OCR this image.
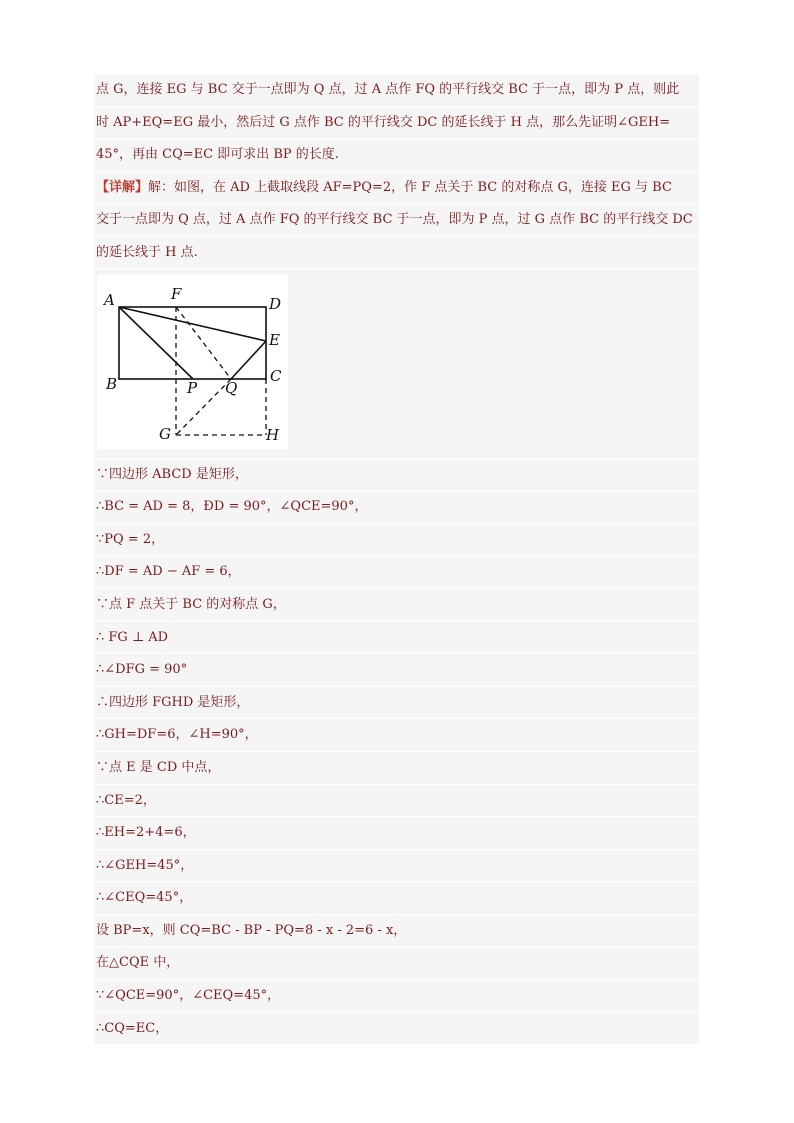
点 G，连接 EG 与 BC 交于一点即为 Q 点，过 A 点作 FQ 的平行线交 BC 于一点，即为 P 点，则此
时 AP+EQ=EG 最小，然后过 G 点作 BC 的平行线交 DC 的延长线于 H 点，那么先证明∠GEH=
45°，再由 CQ=EC 即可求出 BP 的长度.
【详解】解：如图，在 AD 上截取线段 AF=PQ=2，作 F 点关于 BC 的对称点 G，连接 EG 与 BC
交于一点即为 Q 点，过 A 点作 FQ 的平行线交 BC 于一点，即为 P 点，过 G 点作 BC 的平行线交 DC
的延长线于 H 点.
A	F
D
E
B	P Q
C
G	H
∵四边形 ABCD 是矩形，
∴BC = AD = 8，ÐD = 90°，∠QCE=90°，
∵PQ = 2，
∴DF = AD − AF = 6，
∵点 F 点关于 BC 的对称点 G，
∴ FG ⊥ AD
∴∠DFG = 90°
∴四边形 FGHD 是矩形，
∴GH=DF=6，∠H=90°，
∵点 E 是 CD 中点，
∴CE=2，
∴EH=2+4=6，
∴∠GEH=45°，
∴∠CEQ=45°，
设 BP=x，则 CQ=BC - BP - PQ=8 - x - 2=6 - x，
在△CQE 中，
∵∠QCE=90°，∠CEQ=45°，
∴CQ=EC，
